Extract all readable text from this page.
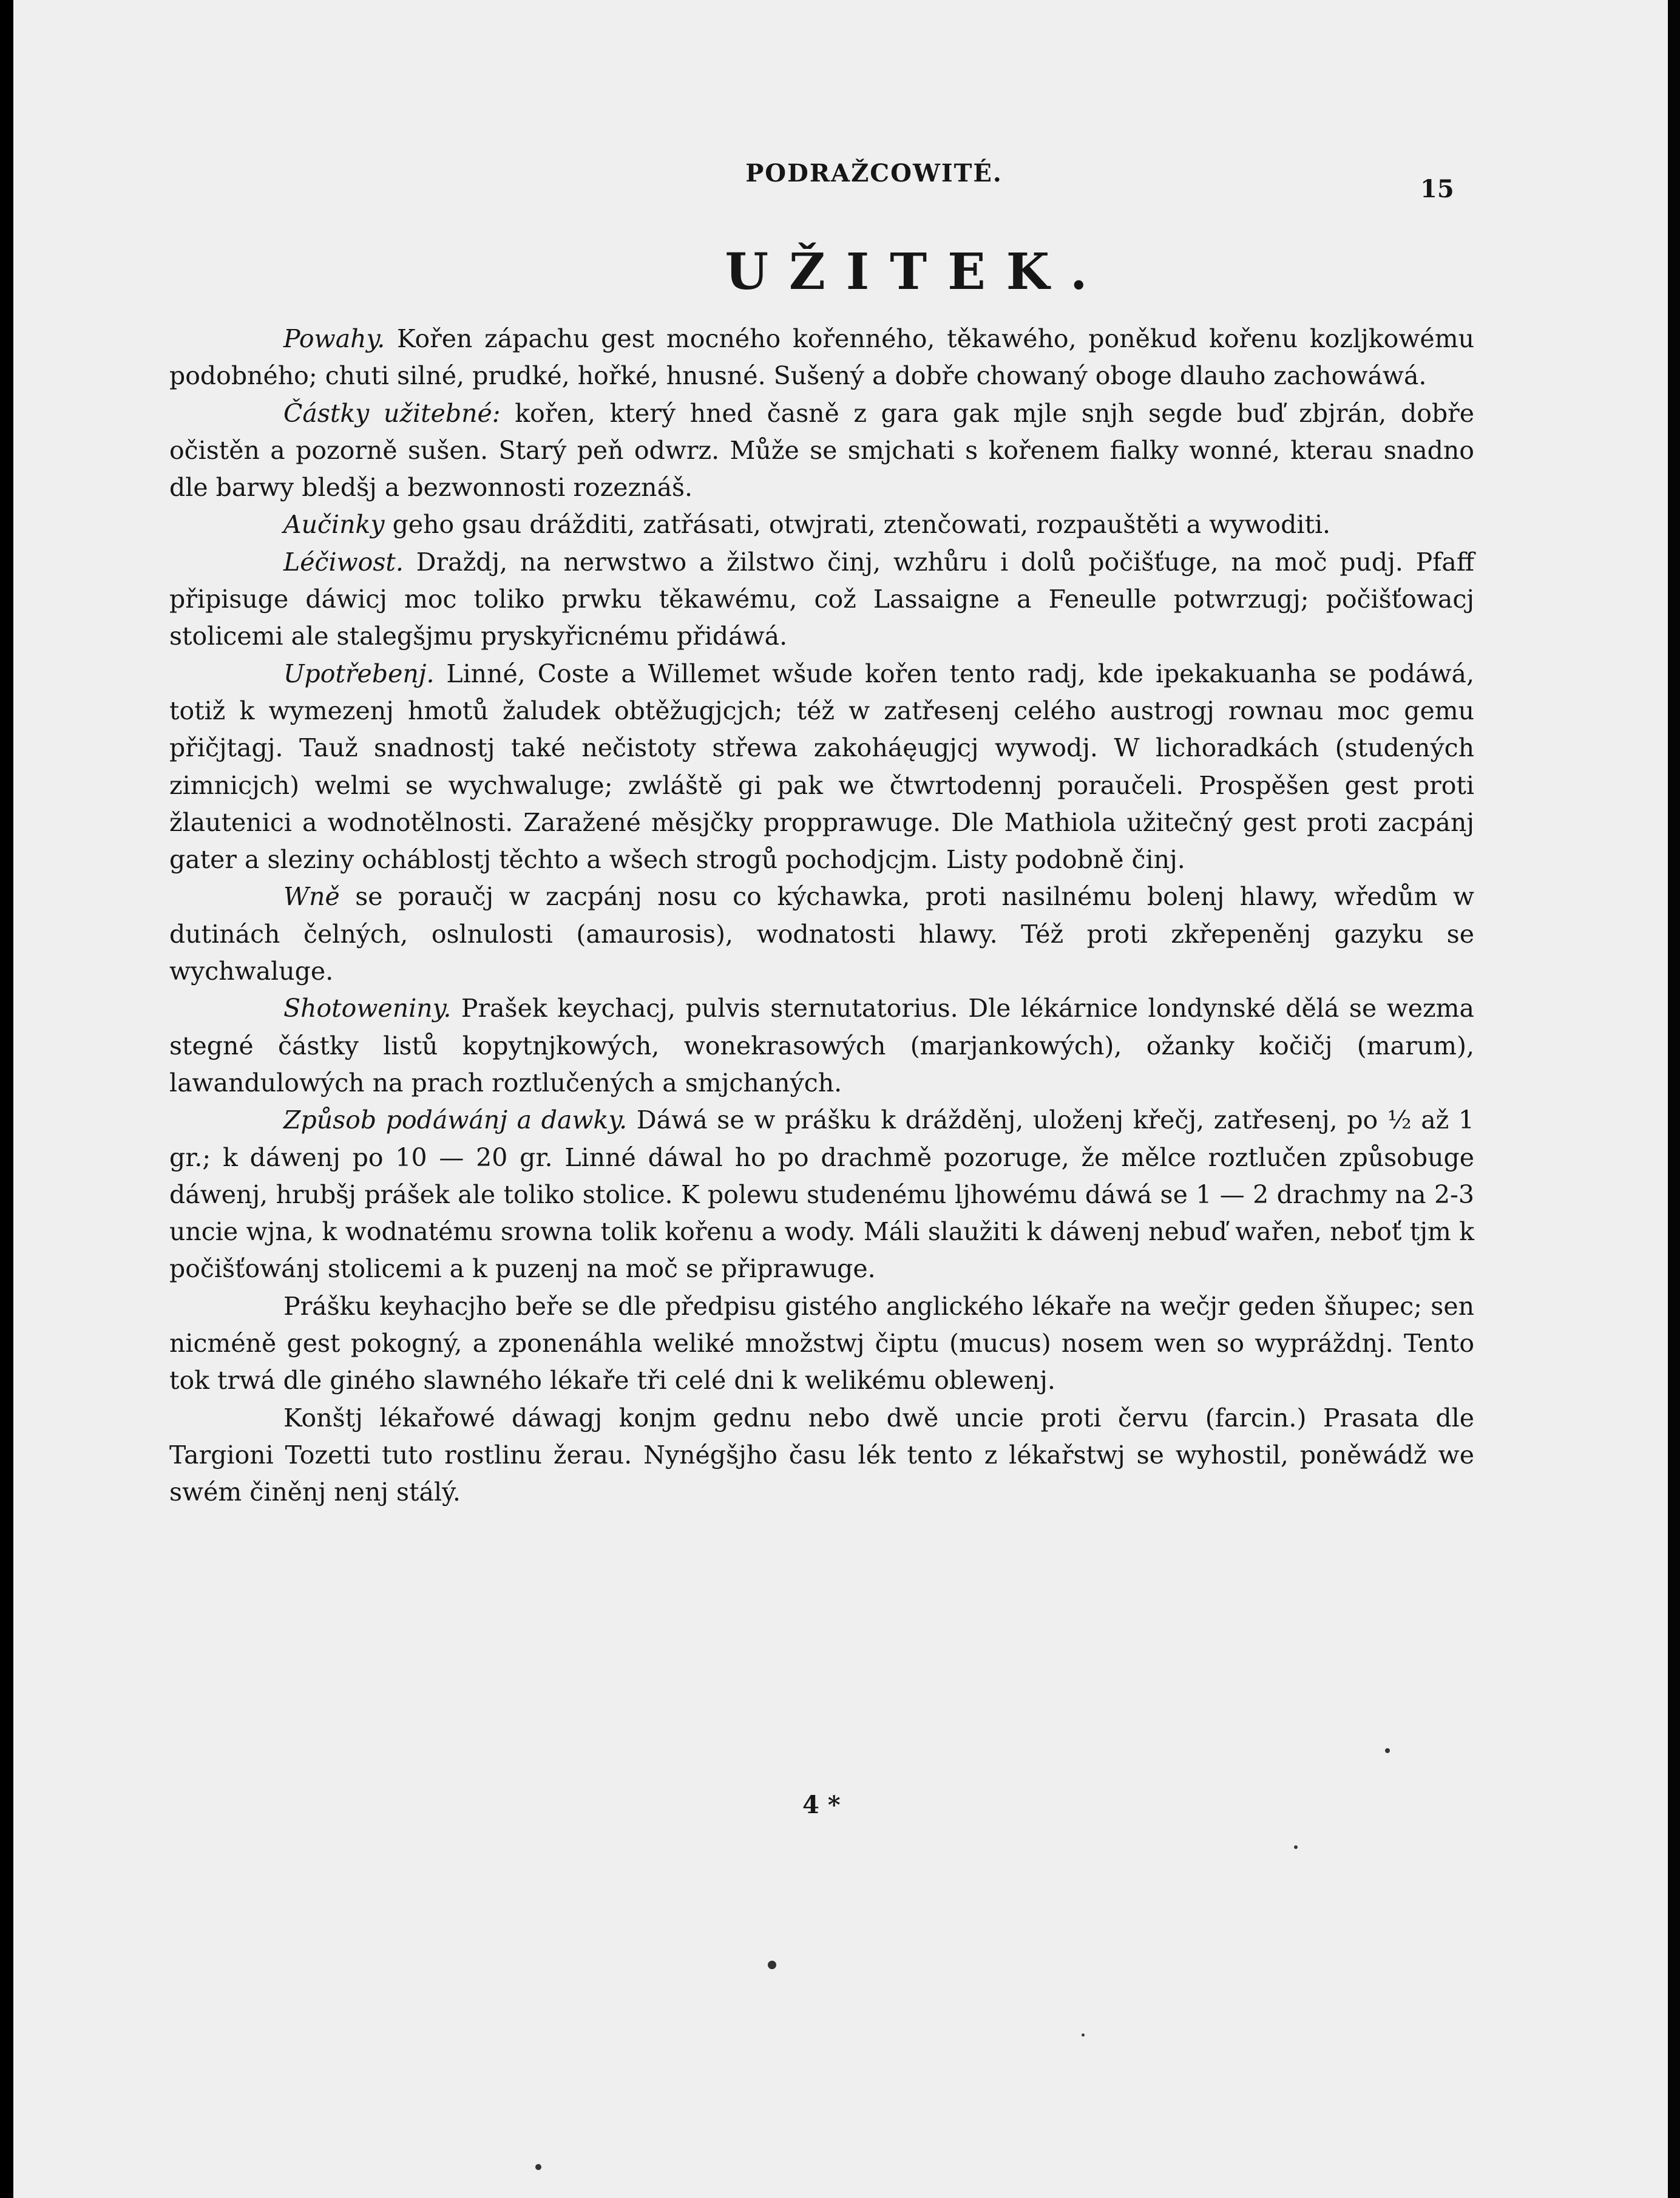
PODRAŽCOWITÉ.
15
UŽITEK.

Powahy. Kořen zápachu gest mocného kořenného, těkawého, poněkud kořenu kozljkowému podobného; chuti silné, prudké, hořké, hnusné. Sušený a dobře chowaný oboge dlauho zachowáwá.

Částky užitebné: kořen, který hned časně z gara gak mjle snjh segde buď zbjrán, dobře očistěn a pozorně sušen. Starý peň odwrz. Může se smjchati s kořenem fialky wonné, kterau snadno dle barwy bledšj a bezwonnosti rozeznáš.

Aučinky geho gsau drážditi, zatřásati, otwjrati, ztenčowati, rozpauštěti a wywoditi.

Léčiwost. Draždj, na nerwstwo a žilstwo činj, wzhůru i dolů počišťuge, na moč pudj. Pfaff připisuge dáwicj moc toliko prwku těkawému, což Lassaigne a Feneulle potwrzugj; počišťowacj stolicemi ale stalegšjmu pryskyřicnému přidáwá.

Upotřebenj. Linné, Coste a Willemet wšude kořen tento radj, kde ipekakuanha se podáwá, totiž k wymezenj hmotů žaludek obtěžugjcjch; též w zatřesenj celého austrogj rownau moc gemu přičjtagj. Tauž snadnostj také nečistoty střewa zakoháęugjcj wywodj. W lichoradkách (studených zimnicjch) welmi se wychwaluge; zwláště gi pak we čtwrtodennj poraučeli. Prospěšen gest proti žlautenici a wodnotělnosti. Zaražené měsjčky propprawuge. Dle Mathiola užitečný gest proti zacpánj gater a sleziny ocháblostj těchto a wšech strogů pochodjcjm. Listy podobně činj.

Wně se poraučj w zacpánj nosu co kýchawka, proti nasilnému bolenj hlawy, wředům w dutinách čelných, oslnulosti (amaurosis), wodnatosti hlawy. Též proti zkřepeněnj gazyku se wychwaluge.

Shotoweniny. Prašek keychacj, pulvis sternutatorius. Dle lékárnice londynské dělá se wezma stegné částky listů kopytnjkowých, wonekrasowých (marjankowých), ožanky kočičj (marum), lawandulowých na prach roztlučených a smjchaných.

Způsob podáwánj a dawky. Dáwá se w prášku k drážděnj, uloženj křečj, zatřesenj, po ½ až 1 gr.; k dáwenj po 10 — 20 gr. Linné dáwal ho po drachmě pozoruge, že mělce roztlučen způsobuge dáwenj, hrubšj prášek ale toliko stolice. K polewu studenému ljhowému dáwá se 1 — 2 drachmy na 2-3 uncie wjna, k wodnatému srowna tolik kořenu a wody. Máli slaužiti k dáwenj nebuď wařen, neboť tjm k počišťowánj stolicemi a k puzenj na moč se připrawuge.

Prášku keyhacjho beře se dle předpisu gistého anglického lékaře na wečjr geden šňupec; sen nicméně gest pokogný, a zponenáhla weliké množstwj čiptu (mucus) nosem wen so wypráždnj. Tento tok trwá dle giného slawného lékaře tři celé dni k welikému oblewenj.

Konštj lékařowé dáwagj konjm gednu nebo dwě uncie proti červu (farcin.) Prasata dle Targioni Tozetti tuto rostlinu žerau. Nynégšjho času lék tento z lékařstwj se wyhostil, poněwádž we swém činěnj nenj stálý.

4 *
